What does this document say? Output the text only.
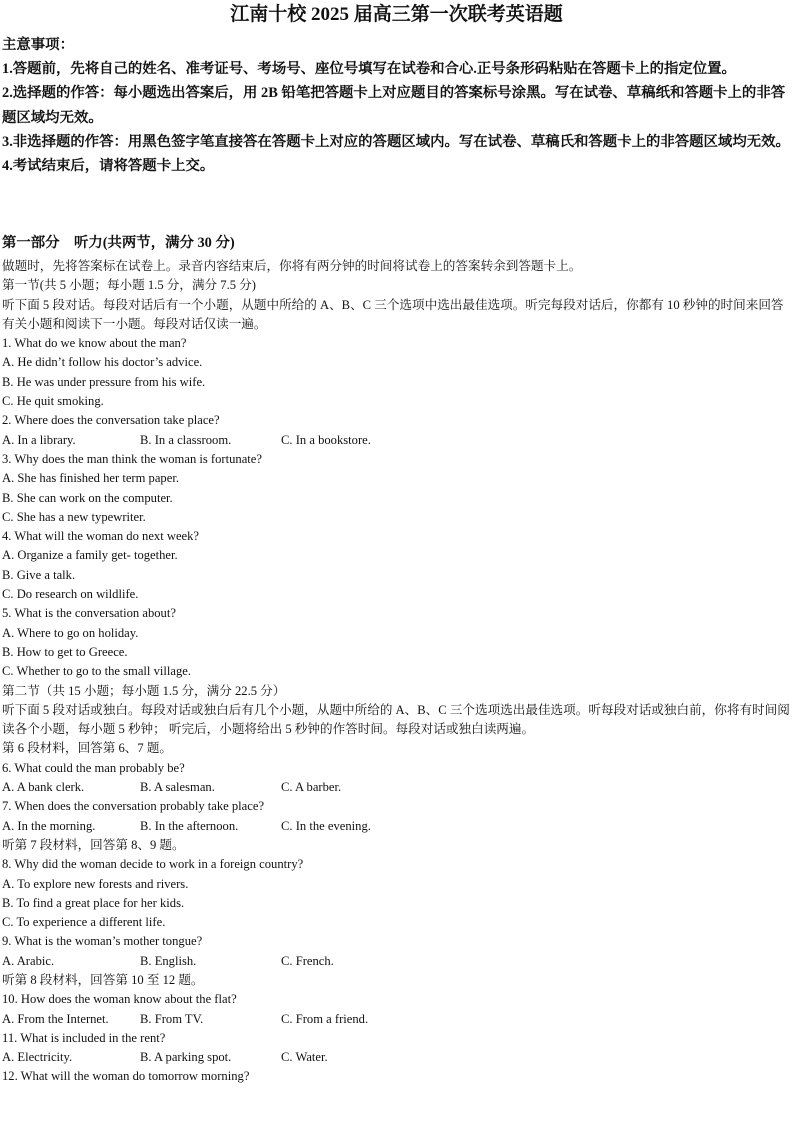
江南十校 2025 届高三第一次联考英语题

主意事项：

1.答题前，先将自己的姓名、准考证号、考场号、座位号填写在试卷和合心.正号条形码粘贴在答题卡上的指定位置。

2.选择题的作答：每小题选出答案后，用 2B 铅笔把答题卡上对应题目的答案标号涂黑。写在试卷、草稿纸和答题卡上的非答题区域均无效。

3.非选择题的作答：用黑色签字笔直接答在答题卡上对应的答题区域内。写在试卷、草稿氏和答题卡上的非答题区域均无效。

4.考试结束后，请将答题卡上交。

第一部分    听力(共两节，满分 30 分)

做题时，先将答案标在试卷上。录音内容结束后，你将有两分钟的时间将试卷上的答案转余到答题卡上。

第一节(共 5 小题；每小题 1.5 分，满分 7.5 分)

听下面 5 段对话。每段对话后有一个小题，从题中所给的 A、B、C 三个选项中选出最佳选项。听完每段对话后，你都有 10 秒钟的时间来回答有关小题和阅读下一小题。每段对话仅读一遍。

1. What do we know about the man?

A. He didn’t follow his doctor’s advice.

B. He was under pressure from his wife.

C. He quit smoking.

2. Where does the conversation take place?

A. In a library.	B. In a classroom.	C. In a bookstore.

3. Why does the man think the woman is fortunate?

A. She has finished her term paper.

B. She can work on the computer.

C. She has a new typewriter.

4. What will the woman do next week?

A. Organize a family get- together.

B. Give a talk.

C. Do research on wildlife.

5. What is the conversation about?

A. Where to go on holiday.

B. How to get to Greece.

C. Whether to go to the small village.

第二节（共 15 小题；每小题 1.5 分，满分 22.5 分）

听下面 5 段对话或独白。每段对话或独白后有几个小题，从题中所给的 A、B、C 三个选项选出最佳选项。听每段对话或独白前，你将有时间阅读各个小题，每小题 5 秒钟； 听完后，小题将给出 5 秒钟的作答时间。每段对话或独白读两遍。

第 6 段材料，回答第 6、7 题。

6. What could the man probably be?

A. A bank clerk.	B. A salesman.	C. A barber.

7. When does the conversation probably take place?

A. In the morning.	B. In the afternoon.	C. In the evening.

听第 7 段材料，回答第 8、9 题。

8. Why did the woman decide to work in a foreign country?

A. To explore new forests and rivers.

B. To find a great place for her kids.

C. To experience a different life.

9. What is the woman’s mother tongue?

A. Arabic.	B. English.	C. French.

听第 8 段材料，回答第 10 至 12 题。

10. How does the woman know about the flat?

A. From the Internet.	B. From TV.	C. From a friend.

11. What is included in the rent?

A. Electricity.	B. A parking spot.	C. Water.

12. What will the woman do tomorrow morning?
